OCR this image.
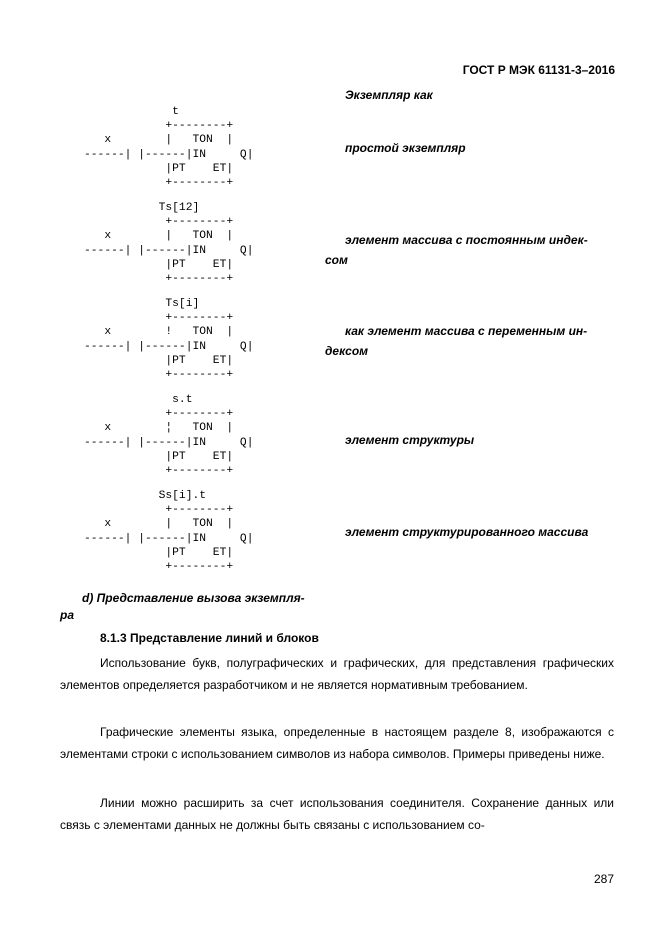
ГОСТ Р МЭК 61131-3–2016
Экземпляр как
t
+--------+
x        |   TON  |
------| |------|IN     Q|
|PT    ET|
+--------+
простой экземпляр
Ts[12]
+--------+
x        |   TON  |
------| |------|IN     Q|
|PT    ET|
+--------+
элемент массива с постоянным индек-
сом
Ts[i]
+--------+
x        !   TON  |
------| |------|IN     Q|
|PT    ET|
+--------+
как элемент массива с переменным ин-
дексом
s.t
+--------+
x        ¦   TON  |
------| |------|IN     Q|
|PT    ET|
+--------+
элемент структуры
Ss[i].t
+--------+
x        |   TON  |
------| |------|IN     Q|
|PT    ET|
+--------+
элемент структурированного массива
d) Представление вызова экземпля-
ра
8.1.3 Представление линий и блоков

Использование букв, полуграфических и графических, для представления графических элементов определяется разработчиком и не является нормативным требованием.

Графические элементы языка, определенные в настоящем разделе 8, изображаются с элементами строки с использованием символов из набора символов. Примеры приведены ниже.

Линии можно расширить за счет использования соединителя. Сохранение данных или связь с элементами данных не должны быть связаны с использованием со-

287
